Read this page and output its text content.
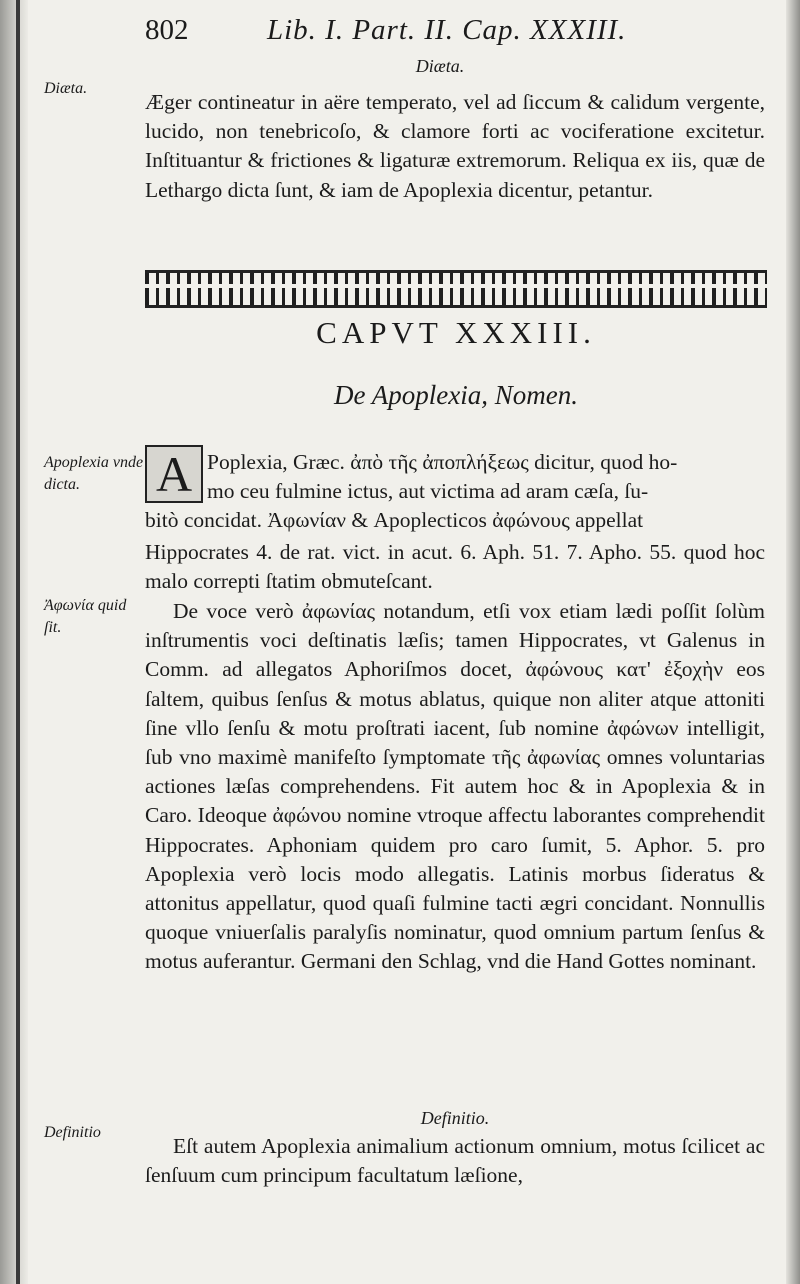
802	Lib. I. Part. II. Cap. XXXIII.
Diæta.
Diæta.

Æger contineatur in aëre temperato, vel ad ſiccum & calidum vergente, lucido, non tenebricoſo, & clamore forti ac vociferatione excitetur. Inſtituantur & frictiones & ligaturæ extremorum. Reliqua ex iis, quæ de Lethargo dicta ſunt, & iam de Apoplexia dicentur, petantur.

CAPVT XXXIII.
De Apoplexia, Nomen.
Apoplexia vnde dicta.	A Poplexia, Græc. ἀπὸ τῆς ἀποπλήξεως dicitur, quod ho-
mo ceu fulmine ictus, aut victima ad aram cæſa, ſu-
bitò concidat. Ἀφωνίαν & Apoplecticos ἀφώνους appellat

Hippocrates 4. de rat. vict. in acut. 6. Aph. 51. 7. Apho. 55. quod hoc malo correpti ſtatim obmuteſcant.

Ἀφωνία quid ſit.

De voce verò ἀφωνίας notandum, etſi vox etiam lædi poſſit ſolùm inſtrumentis voci deſtinatis læſis; tamen Hippocrates, vt Galenus in Comm. ad allegatos Aphoriſmos docet, ἀφώνους κατ' ἐξοχὴν eos ſaltem, quibus ſenſus & motus ablatus, quique non aliter atque attoniti ſine vllo ſenſu & motu proſtrati iacent, ſub nomine ἀφώνων intelligit, ſub vno maximè manifeſto ſymptomate τῆς ἀφωνίας omnes voluntarias actiones læſas comprehendens. Fit autem hoc & in Apoplexia & in Caro. Ideoque ἀφώνου nomine vtroque affectu laborantes comprehendit Hippocrates. Aphoniam quidem pro caro ſumit, 5. Aphor. 5. pro Apoplexia verò locis modo allegatis. Latinis morbus ſideratus & attonitus appellatur, quod quaſi fulmine tacti ægri concidant. Nonnullis quoque vniuerſalis paralyſis nominatur, quod omnium partum ſenſus & motus auferantur. Germani den Schlag, vnd die Hand Gottes nominant.

Definitio
Definitio.

Eſt autem Apoplexia animalium actionum omnium, motus ſcilicet ac ſenſuum cum principum facultatum læſione,
